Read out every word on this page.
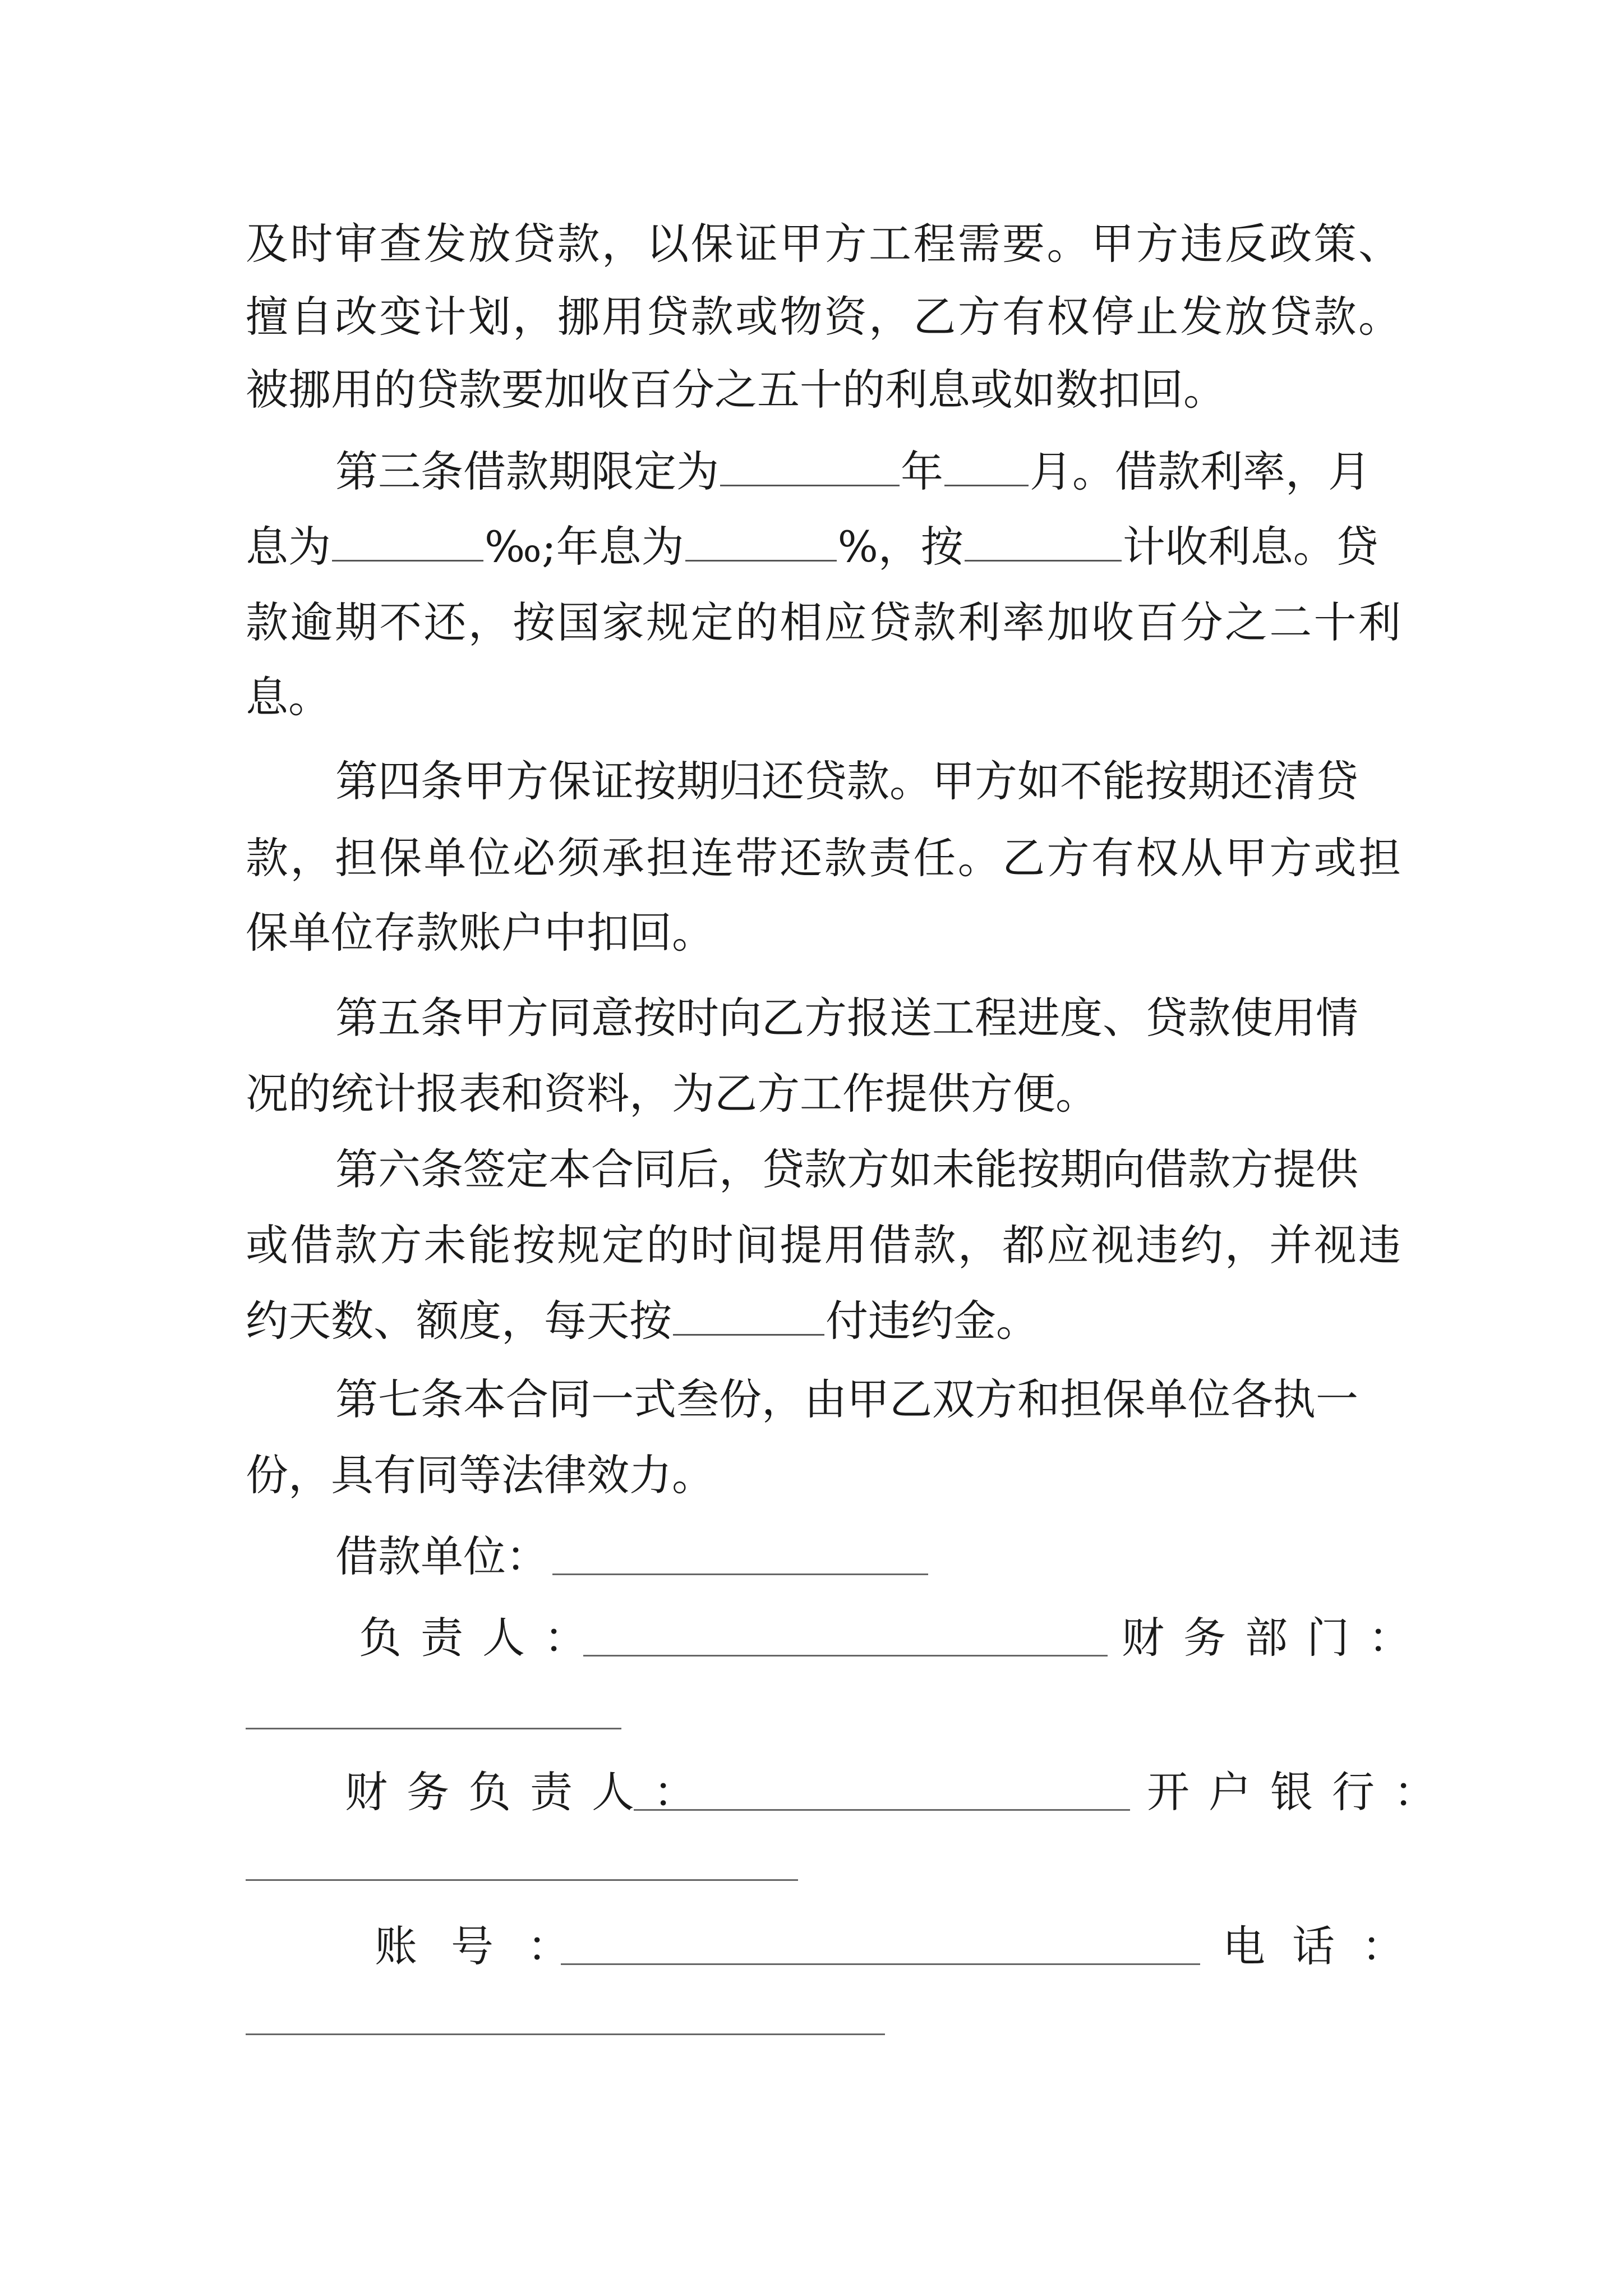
及时审查发放贷款，以保证甲方工程需要。甲方违反政策、
擅自改变计划，挪用贷款或物资，乙方有权停止发放贷款。
被挪用的贷款要加收百分之五十的利息或如数扣回。
第三条借款期限定为	年 月。借款利率，月
息为	‰;年息为	%，按	计收利息。贷
款逾期不还，按国家规定的相应贷款利率加收百分之二十利
息。
第四条甲方保证按期归还贷款。甲方如不能按期还清贷
款，担保单位必须承担连带还款责任。乙方有权从甲方或担
保单位存款账户中扣回。
第五条甲方同意按时向乙方报送工程进度、贷款使用情
况的统计报表和资料，为乙方工作提供方便。
第六条签定本合同后，贷款方如未能按期向借款方提供
或借款方未能按规定的时间提用借款，都应视违约，并视违
约天数、额度，每天按	付违约金。
第七条本合同一式叁份，由甲乙双方和担保单位各执一
份，具有同等法律效力。
借款单位：
负责人：	财务部门：
财务负责人：	开户银行：
账号：	电话：
